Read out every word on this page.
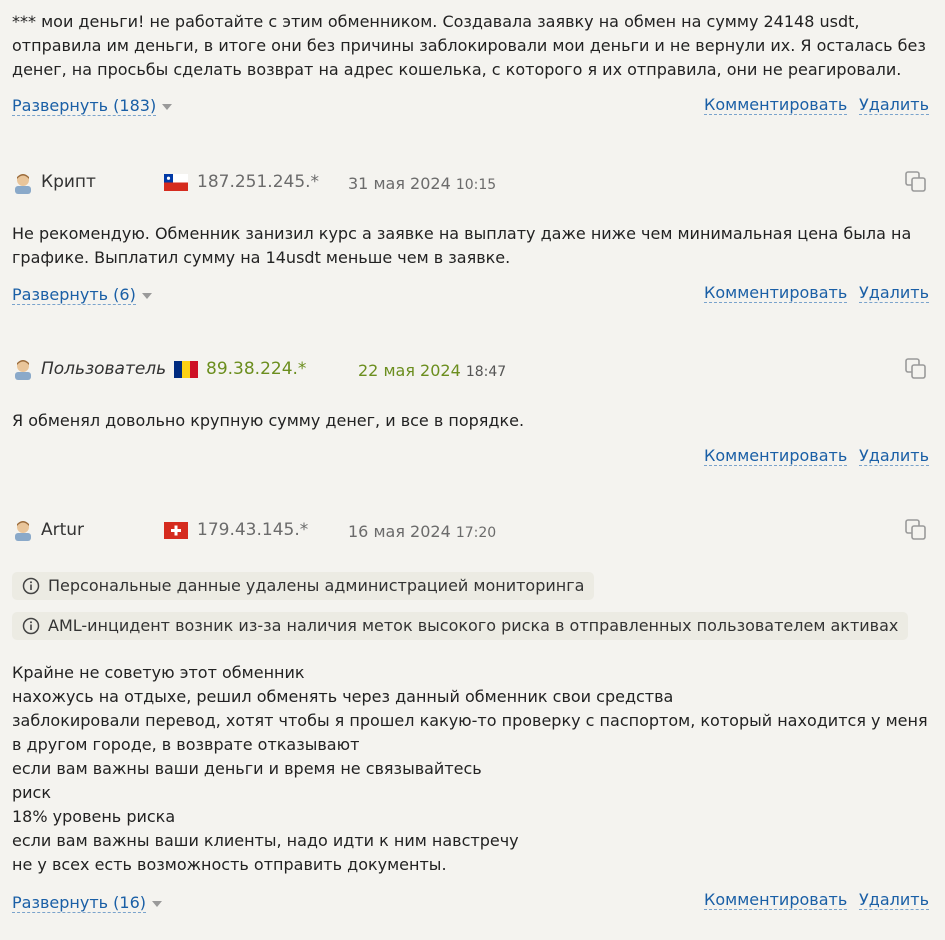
*** мои деньги! не работайте с этим обменником. Создавала заявку на обмен на сумму 24148 usdt, отправила им деньги, в итоге они без причины заблокировали мои деньги и не вернули их. Я осталась без денег, на просьбы сделать возврат на адрес кошелька, с которого я их отправила, они не реагировали.
Развернуть (183)	Комментировать Удалить
Крипт	187.251.245.* 31 мая 2024 10:15
Не рекомендую. Обменник занизил курс а заявке на выплату даже ниже чем минимальная цена была на графике. Выплатил сумму на 14usdt меньше чем в заявке.
Развернуть (6)	Комментировать Удалить
Пользователь 89.38.224.*	22 мая 2024 18:47
Я обменял довольно крупную сумму денег, и все в порядке.
Комментировать Удалить
Artur	179.43.145.* 16 мая 2024 17:20
Персональные данные удалены администрацией мониторинга
AML-инцидент возник из-за наличия меток высокого риска в отправленных пользователем активах
Крайне не советую этот обменник
нахожусь на отдыхе, решил обменять через данный обменник свои средства
заблокировали перевод, хотят чтобы я прошел какую-то проверку с паспортом, который находится у меня в другом городе, в возврате отказывают
если вам важны ваши деньги и время не связывайтесь
риск
18% уровень риска
если вам важны ваши клиенты, надо идти к ним навстречу
не у всех есть возможность отправить документы.
Развернуть (16)	Комментировать Удалить
